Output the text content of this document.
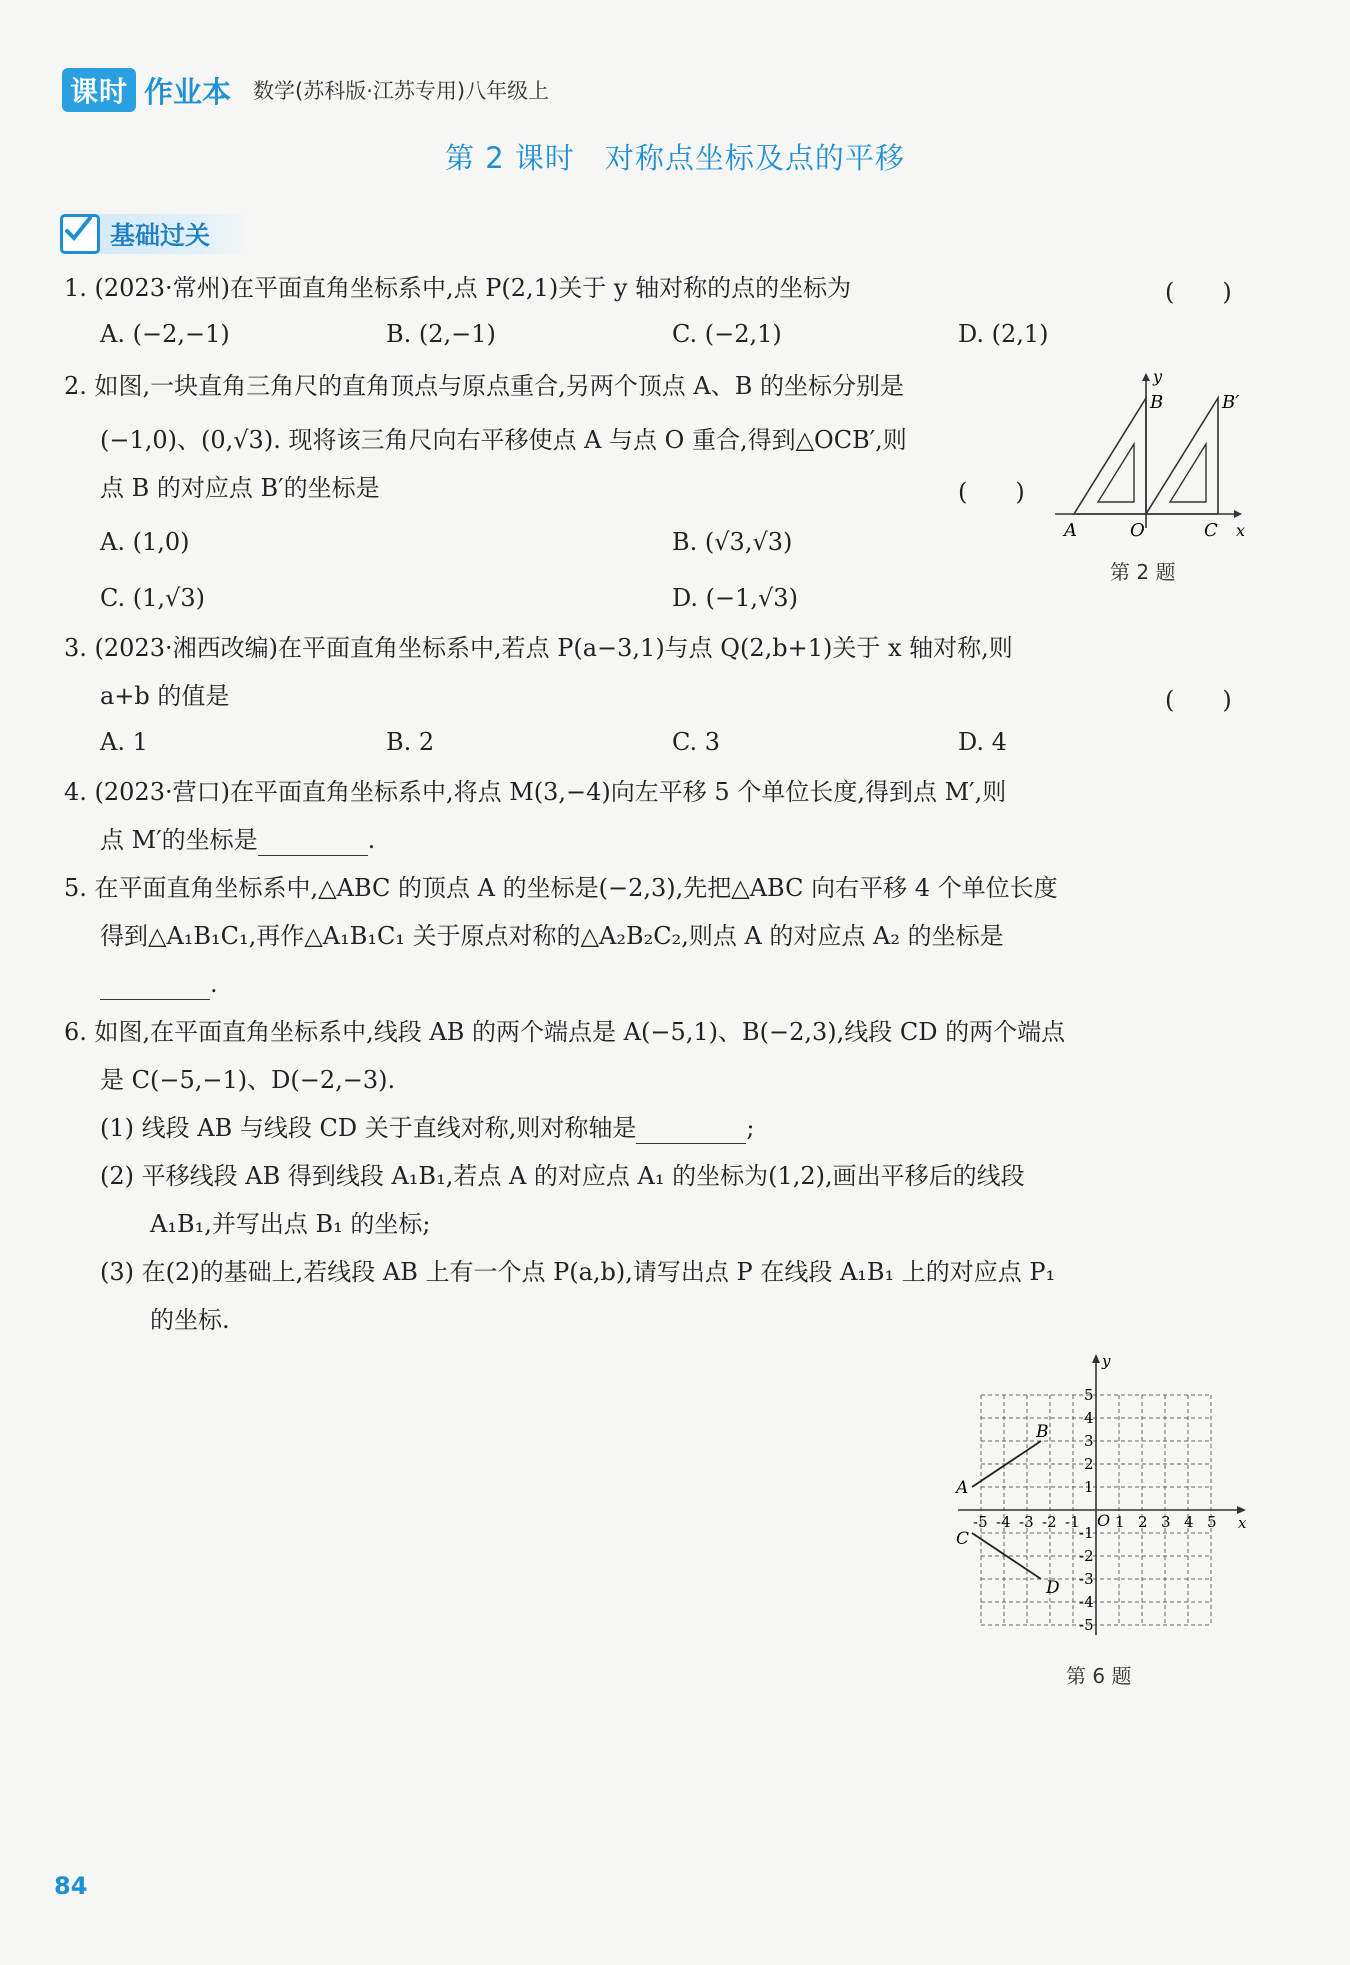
课时 作业本 数学(苏科版·江苏专用)八年级上
第 2 课时　对称点坐标及点的平移
基础过关
1. (2023·常州)在平面直角坐标系中,点 P(2,1)关于 y 轴对称的点的坐标为	(　　)
A. (−2,−1)	B. (2,−1)	C. (−2,1)	D. (2,1)
2. 如图,一块直角三角尺的直角顶点与原点重合,另两个顶点 A、B 的坐标分别是
(−1,0)、(0,√3). 现将该三角尺向右平移使点 A 与点 O 重合,得到△OCB′,则
点 B 的对应点 B′的坐标是	(　　)
A. (1,0)	B. (√3,√3)
C. (1,√3)	D. (−1,√3)
y
x
B	B′
A	O	C
第 2 题
3. (2023·湘西改编)在平面直角坐标系中,若点 P(a−3,1)与点 Q(2,b+1)关于 x 轴对称,则
a+b 的值是	(　　)
A. 1	B. 2	C. 3	D. 4
4. (2023·营口)在平面直角坐标系中,将点 M(3,−4)向左平移 5 个单位长度,得到点 M′,则
点 M′的坐标是	.
5. 在平面直角坐标系中,△ABC 的顶点 A 的坐标是(−2,3),先把△ABC 向右平移 4 个单位长度
得到△A₁B₁C₁,再作△A₁B₁C₁ 关于原点对称的△A₂B₂C₂,则点 A 的对应点 A₂ 的坐标是
.
6. 如图,在平面直角坐标系中,线段 AB 的两个端点是 A(−5,1)、B(−2,3),线段 CD 的两个端点
是 C(−5,−1)、D(−2,−3).
(1) 线段 AB 与线段 CD 关于直线对称,则对称轴是	;
(2) 平移线段 AB 得到线段 A₁B₁,若点 A 的对应点 A₁ 的坐标为(1,2),画出平移后的线段
A₁B₁,并写出点 B₁ 的坐标;
(3) 在(2)的基础上,若线段 AB 上有一个点 P(a,b),请写出点 P 在线段 A₁B₁ 上的对应点 P₁
的坐标.
-5 -4 -3 -2 -1 1 2 3 4 5
1
2
3
4
5
-1
-2
-3
-4
-5
y
x
O
A
B
C
D
第 6 题
84
